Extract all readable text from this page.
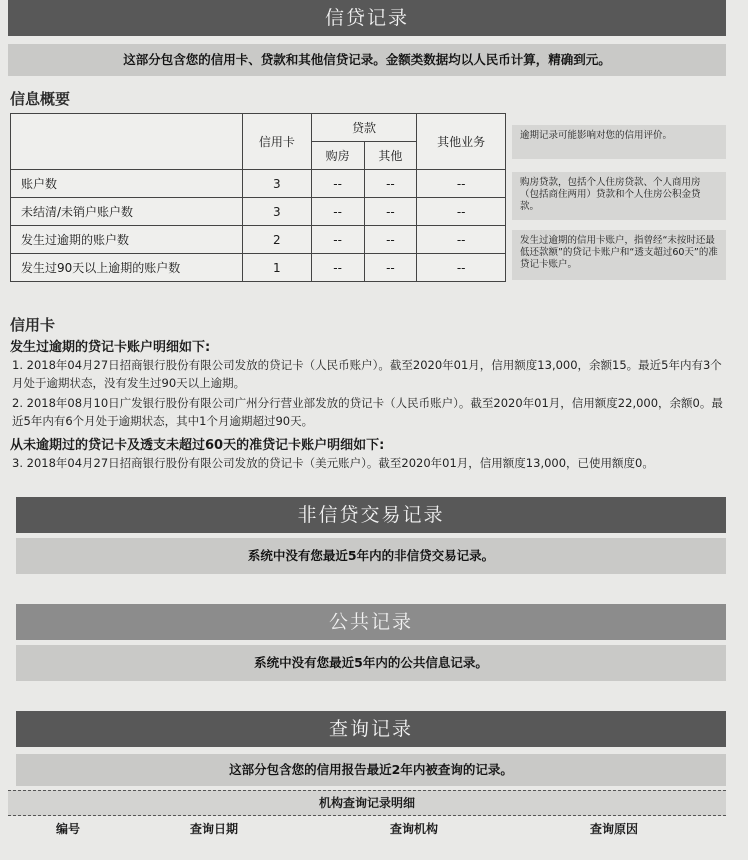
信贷记录
这部分包含您的信用卡、贷款和其他信贷记录。金额类数据均以人民币计算，精确到元。
信息概要
	信用卡	贷款		其他业务
		购房	其他	
账户数	3	--	--	--
未结清/未销户账户数	3	--	--	--
发生过逾期的账户数	2	--	--	--
发生过90天以上逾期的账户数	1	--	--	--
逾期记录可能影响对您的信用评价。
购房贷款，包括个人住房贷款、个人商用房（包括商住两用）贷款和个人住房公积金贷款。
发生过逾期的信用卡账户，指曾经“未按时还最低还款额”的贷记卡账户和“透支超过60天”的准贷记卡账户。
信用卡
发生过逾期的贷记卡账户明细如下:
1. 2018年04月27日招商银行股份有限公司发放的贷记卡（人民币账户）。截至2020年01月，信用额度13,000，余额15。最近5年内有3个月处于逾期状态，没有发生过90天以上逾期。
2. 2018年08月10日广发银行股份有限公司广州分行营业部发放的贷记卡（人民币账户）。截至2020年01月，信用额度22,000，余额0。最近5年内有6个月处于逾期状态，其中1个月逾期超过90天。
从未逾期过的贷记卡及透支未超过60天的准贷记卡账户明细如下:
3. 2018年04月27日招商银行股份有限公司发放的贷记卡（美元账户）。截至2020年01月，信用额度13,000，已使用额度0。
非信贷交易记录
系统中没有您最近5年内的非信贷交易记录。
公共记录
系统中没有您最近5年内的公共信息记录。
查询记录
这部分包含您的信用报告最近2年内被查询的记录。
机构查询记录明细
编号	查询日期	查询机构	查询原因
